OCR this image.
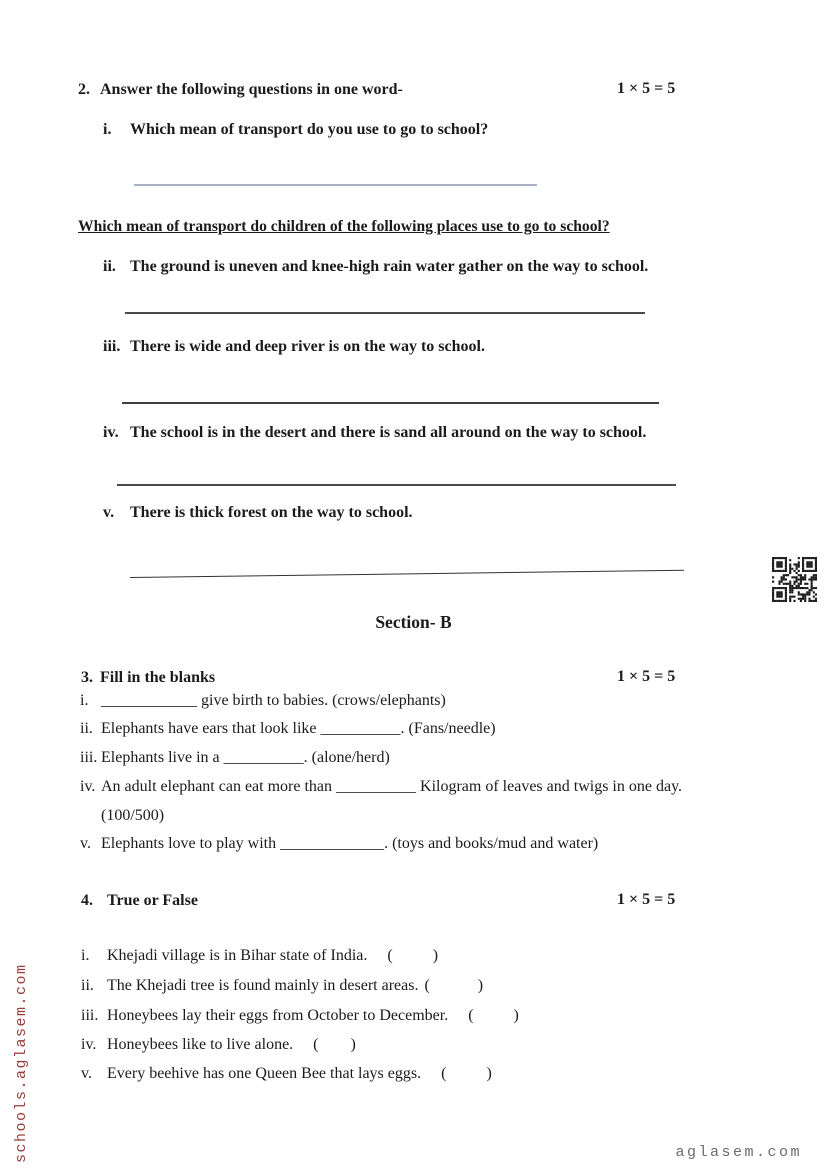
2. Answer the following questions in one word-	1 × 5 = 5
i. Which mean of transport do you use to go to school?
Which mean of transport do children of the following places use to go to school?
ii. The ground is uneven and knee-high rain water gather on the way to school.
iii. There is wide and deep river is on the way to school.
iv. The school is in the desert and there is sand all around on the way to school.
v. There is thick forest on the way to school.
Section- B
3. Fill in the blanks	1 × 5 = 5
i. ____________ give birth to babies. (crows/elephants)
ii. Elephants have ears that look like __________. (Fans/needle)
iii. Elephants live in a __________. (alone/herd)
iv. An adult elephant can eat more than __________ Kilogram of leaves and twigs in one day.
(100/500)
v. Elephants love to play with _____________. (toys and books/mud and water)
4. True or False	1 × 5 = 5
i. Khejadi village is in Bihar state of India. (          )
ii. The Khejadi tree is found mainly in desert areas. (            )
iii. Honeybees lay their eggs from October to December. (          )
iv. Honeybees like to live alone. (        )
v. Every beehive has one Queen Bee that lays eggs. (          )
schools.aglasem.com	aglasem.com
